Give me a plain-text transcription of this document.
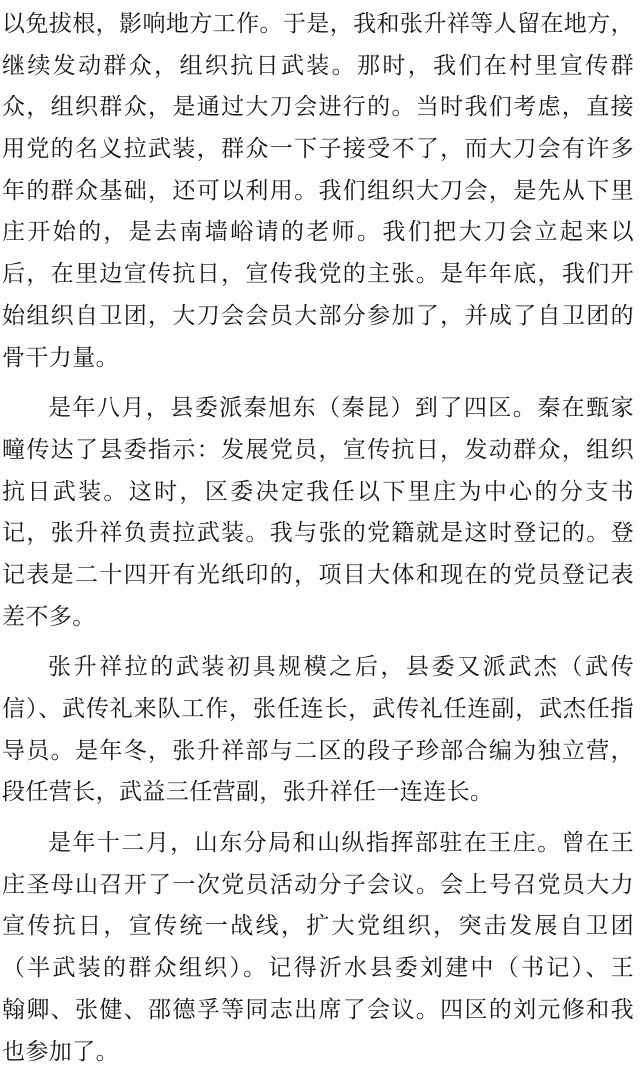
以免拔根，影响地方工作。于是，我和张升祥等人留在地方，
继续发动群众，组织抗日武装。那时，我们在村里宣传群
众，组织群众，是通过大刀会进行的。当时我们考虑，直接
用党的名义拉武装，群众一下子接受不了，而大刀会有许多
年的群众基础，还可以利用。我们组织大刀会，是先从下里
庄开始的，是去南墙峪请的老师。我们把大刀会立起来以
后，在里边宣传抗日，宣传我党的主张。是年年底，我们开
始组织自卫团，大刀会会员大部分参加了，并成了自卫团的
骨干力量。
是年八月，县委派秦旭东（秦昆）到了四区。秦在甄家
疃传达了县委指示：发展党员，宣传抗日，发动群众，组织
抗日武装。这时，区委决定我任以下里庄为中心的分支书
记，张升祥负责拉武装。我与张的党籍就是这时登记的。登
记表是二十四开有光纸印的，项目大体和现在的党员登记表
差不多。
张升祥拉的武装初具规模之后，县委又派武杰（武传
信）、武传礼来队工作，张任连长，武传礼任连副，武杰任指
导员。是年冬，张升祥部与二区的段子珍部合编为独立营，
段任营长，武益三任营副，张升祥任一连连长。
是年十二月，山东分局和山纵指挥部驻在王庄。曾在王
庄圣母山召开了一次党员活动分子会议。会上号召党员大力
宣传抗日，宣传统一战线，扩大党组织，突击发展自卫团
（半武装的群众组织）。记得沂水县委刘建中（书记）、王
翰卿、张健、邵德孚等同志出席了会议。四区的刘元修和我
也参加了。
